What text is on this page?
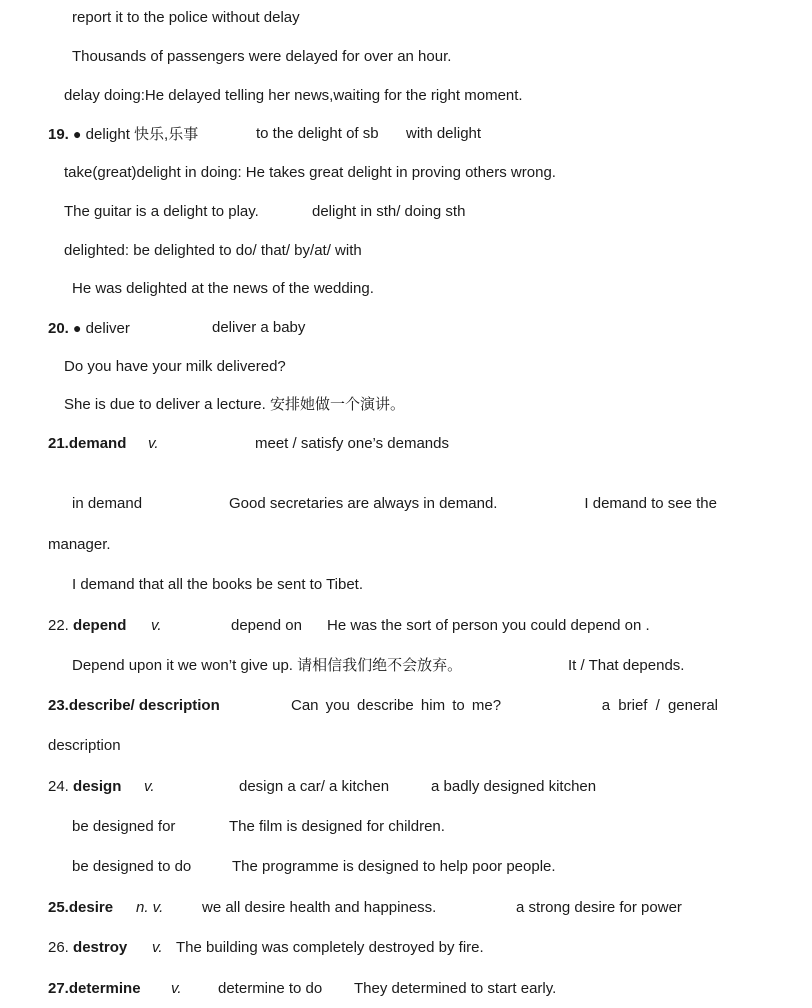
report it to the police without delay
Thousands of passengers were delayed for over an hour.
delay doing:He delayed telling her news,waiting for the right moment.
19. ● delight 快乐,乐事	to the delight of sb with delight
take(great)delight in doing: He takes great delight in proving others wrong.
The guitar is a delight to play.	delight in sth/ doing sth
delighted: be delighted to do/ that/ by/at/ with
He was delighted at the news of the wedding.
20. ● deliver	deliver a baby
Do you have your milk delivered?
She is due to deliver a lecture. 安排她做一个演讲。
21.demand v.	meet / satisfy one’s demands
in demand	Good secretaries are always in demand.	I demand to see the
manager.
I demand that all the books be sent to Tibet.
22. depend v.	depend on He was the sort of person you could depend on .
Depend upon it we won’t give up. 请相信我们绝不会放弃。	It / That depends.
23.describe/ description	Can you describe him to me?	a brief / general
description
24. design v.	design a car/ a kitchen	a badly designed kitchen
be designed for	The film is designed for children.
be designed to do	The programme is designed to help poor people.
25.desire n. v.	we all desire health and happiness.	a strong desire for power
26. destroy v. The building was completely destroyed by fire.
27.determine v. determine to do They determined to start early.
